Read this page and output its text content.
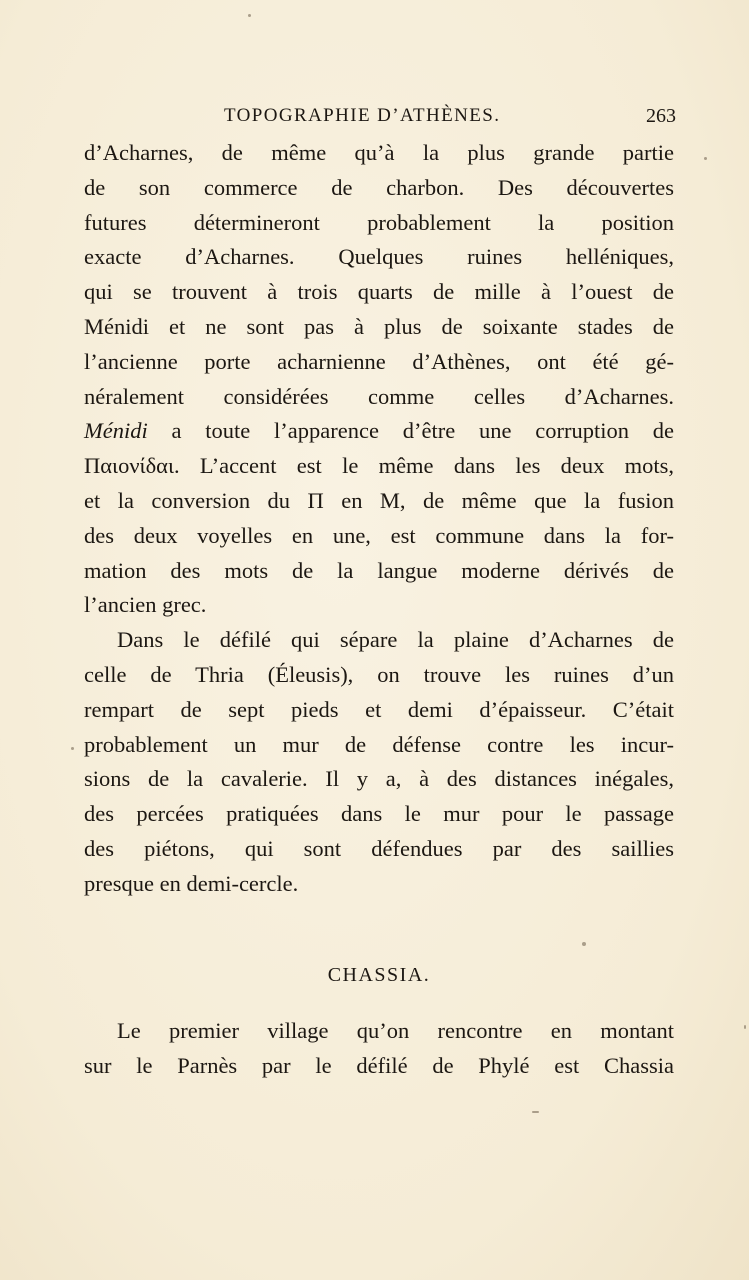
TOPOGRAPHIE D’ATHÈNES.	263
d’Acharnes, de même qu’à la plus grande partie
de son commerce de charbon. Des découvertes
futures détermineront probablement la position
exacte d’Acharnes. Quelques ruines helléniques,
qui se trouvent à trois quarts de mille à l’ouest de
Ménidi et ne sont pas à plus de soixante stades de
l’ancienne porte acharnienne d’Athènes, ont été gé-
néralement considérées comme celles d’Acharnes.
Ménidi a toute l’apparence d’être une corruption de
Παιονίδαι. L’accent est le même dans les deux mots,
et la conversion du Π en M, de même que la fusion
des deux voyelles en une, est commune dans la for-
mation des mots de la langue moderne dérivés de
l’ancien grec.
Dans le défilé qui sépare la plaine d’Acharnes de
celle de Thria (Éleusis), on trouve les ruines d’un
rempart de sept pieds et demi d’épaisseur. C’était
probablement un mur de défense contre les incur-
sions de la cavalerie. Il y a, à des distances inégales,
des percées pratiquées dans le mur pour le passage
des piétons, qui sont défendues par des saillies
presque en demi-cercle.
CHASSIA.
Le premier village qu’on rencontre en montant
sur le Parnès par le défilé de Phylé est Chassia
